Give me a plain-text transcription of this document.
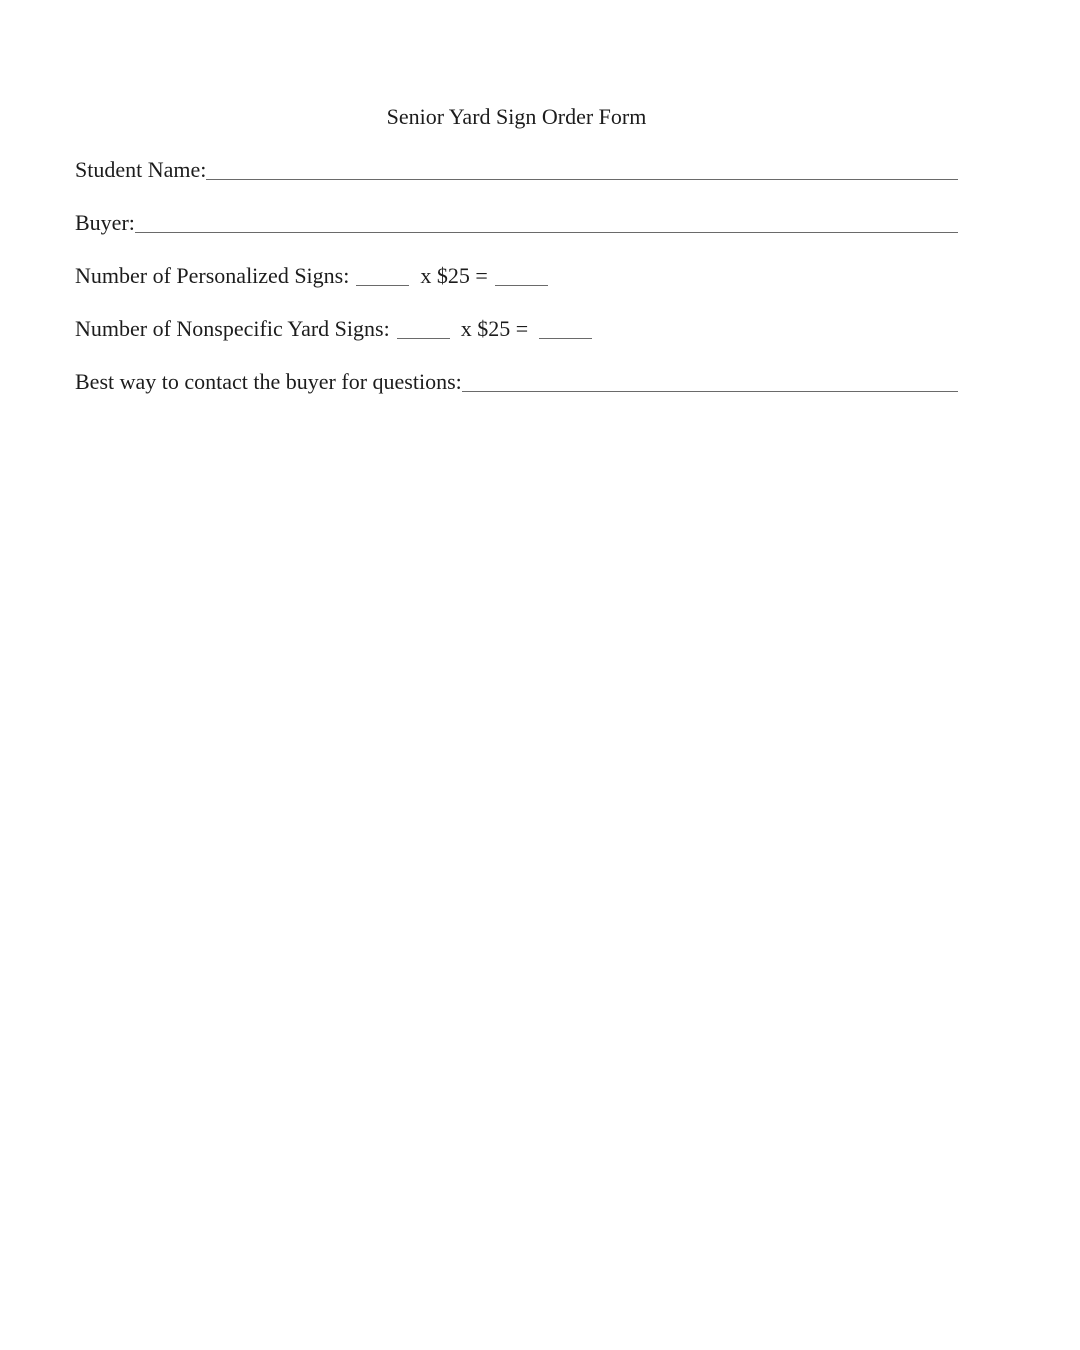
Senior Yard Sign Order Form
Student Name:
Buyer:
Number of Personalized Signs:	x $25 =
Number of Nonspecific Yard Signs:	x $25 =
Best way to contact the buyer for questions:
